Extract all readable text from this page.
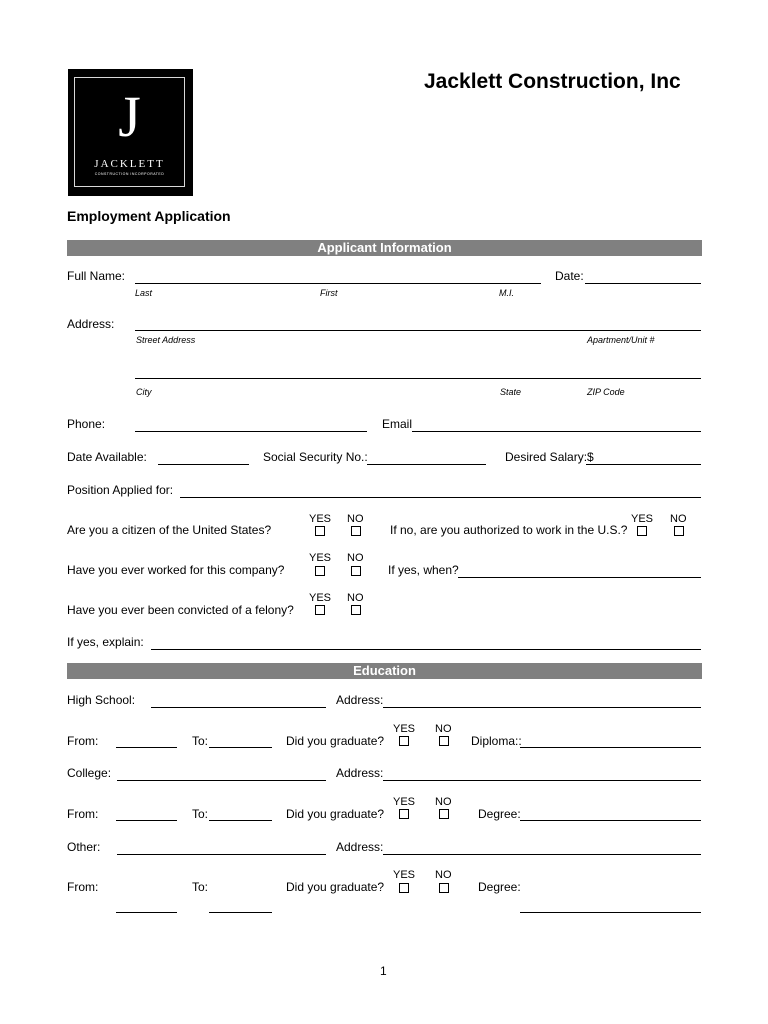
J
JACKLETT
CONSTRUCTION INCORPORATED
Jacklett Construction, Inc
Employment Application
Applicant Information
Full Name:
Last	First	M.I.
Date:
Address:
Street Address	Apartment/Unit #
City	State	ZIP Code
Phone:	Email
Date Available:	Social Security No.:	Desired Salary: $
Position Applied for:
YES NO
Are you a citizen of the United States?	If no, are you authorized to work in the U.S.?
YES NO
YES NO
Have you ever worked for this company?	If yes, when?
YES NO
Have you ever been convicted of a felony?
If yes, explain:
Education
High School:	Address:
YES NO
From:	To:	Did you graduate?	Diploma::
College:	Address:
YES NO
From:	To:	Did you graduate?	Degree:
Other:	Address:
YES NO
From:	To:	Did you graduate?	Degree:
1
